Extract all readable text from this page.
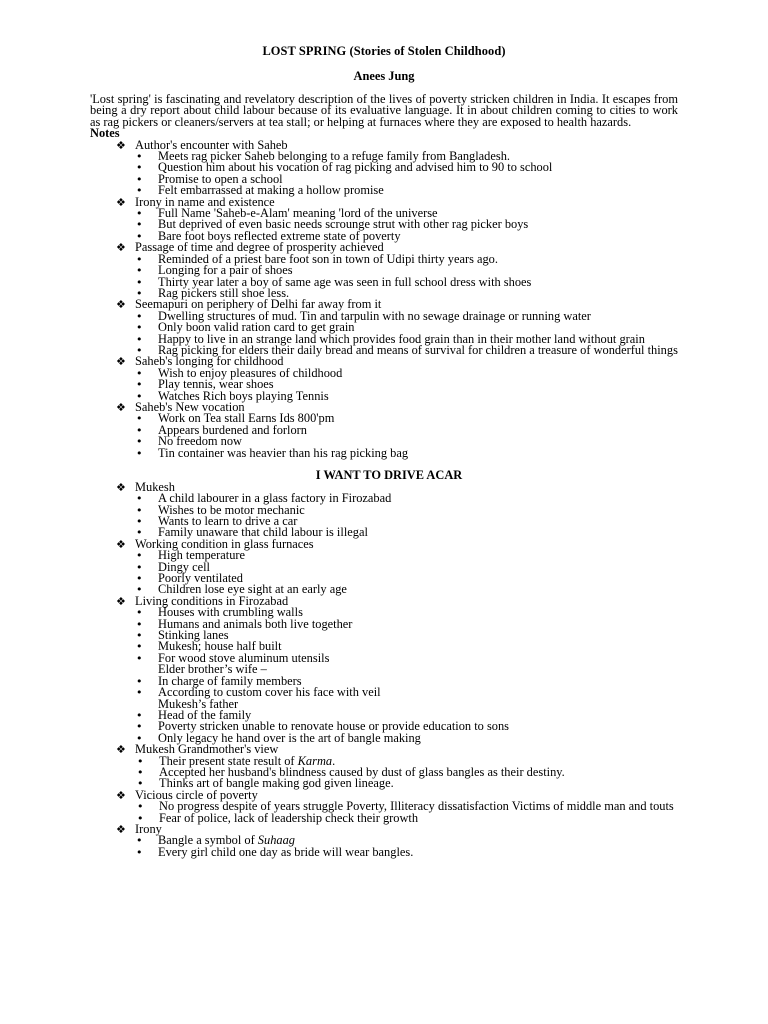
LOST SPRING (Stories of Stolen Childhood)
Anees Jung

'Lost spring' is fascinating and revelatory description of the lives of poverty stricken children in India. It escapes from being a dry report about child labour because of its evaluative language. It in about children coming to cities to work as rag pickers or cleaners/servers at tea stall; or helping at furnaces where they are exposed to health hazards.

Notes
❖ Author's encounter with Saheb
• Meets rag picker Saheb belonging to a refuge family from Bangladesh.
• Question him about his vocation of rag picking and advised him to 90 to school
• Promise to open a school
• Felt embarrassed at making a hollow promise
❖ Irony in name and existence
• Full Name 'Saheb-e-Alam' meaning 'lord of the universe
• But deprived of even basic needs scrounge strut with other rag picker boys
• Bare foot boys reflected extreme state of poverty
❖ Passage of time and degree of prosperity achieved
• Reminded of a priest bare foot son in town of Udipi thirty years ago.
• Longing for a pair of shoes
• Thirty year later a boy of same age was seen in full school dress with shoes
• Rag pickers still shoe less.
❖ Seemapuri on periphery of Delhi far away from it
• Dwelling structures of mud. Tin and tarpulin with no sewage drainage or running water
• Only boon valid ration card to get grain
• Happy to live in an strange land which provides food grain than in their mother land without grain
• Rag picking for elders their daily bread and means of survival for children a treasure of wonderful things
❖ Saheb's longing for childhood
• Wish to enjoy pleasures of childhood
• Play tennis, wear shoes
• Watches Rich boys playing Tennis
❖ Saheb's New vocation
• Work on Tea stall Earns Ids 800'pm
• Appears burdened and forlorn
• No freedom now
• Tin container was heavier than his rag picking bag
I WANT TO DRIVE ACAR
❖ Mukesh
• A child labourer in a glass factory in Firozabad
• Wishes to be motor mechanic
• Wants to learn to drive a car
• Family unaware that child labour is illegal
❖ Working condition in glass furnaces
• High temperature
• Dingy cell
• Poorly ventilated
• Children lose eye sight at an early age
❖ Living conditions in Firozabad
• Houses with crumbling walls
• Humans and animals both live together
• Stinking lanes
• Mukesh; house half built
• For wood stove aluminum utensils
Elder brother’s wife –
• In charge of family members
• According to custom cover his face with veil
Mukesh’s father
• Head of the family
• Poverty stricken unable to renovate house or provide education to sons
• Only legacy he hand over is the art of bangle making
❖ Mukesh Grandmother's view
• Their present state result of Karma.
• Accepted her husband's blindness caused by dust of glass bangles as their destiny.
• Thinks art of bangle making god given lineage.
❖ Vicious circle of poverty
• No progress despite of years struggle Poverty, Illiteracy dissatisfaction Victims of middle man and touts
• Fear of police, lack of leadership check their growth
❖ Irony
• Bangle a symbol of Suhaag
• Every girl child one day as bride will wear bangles.
